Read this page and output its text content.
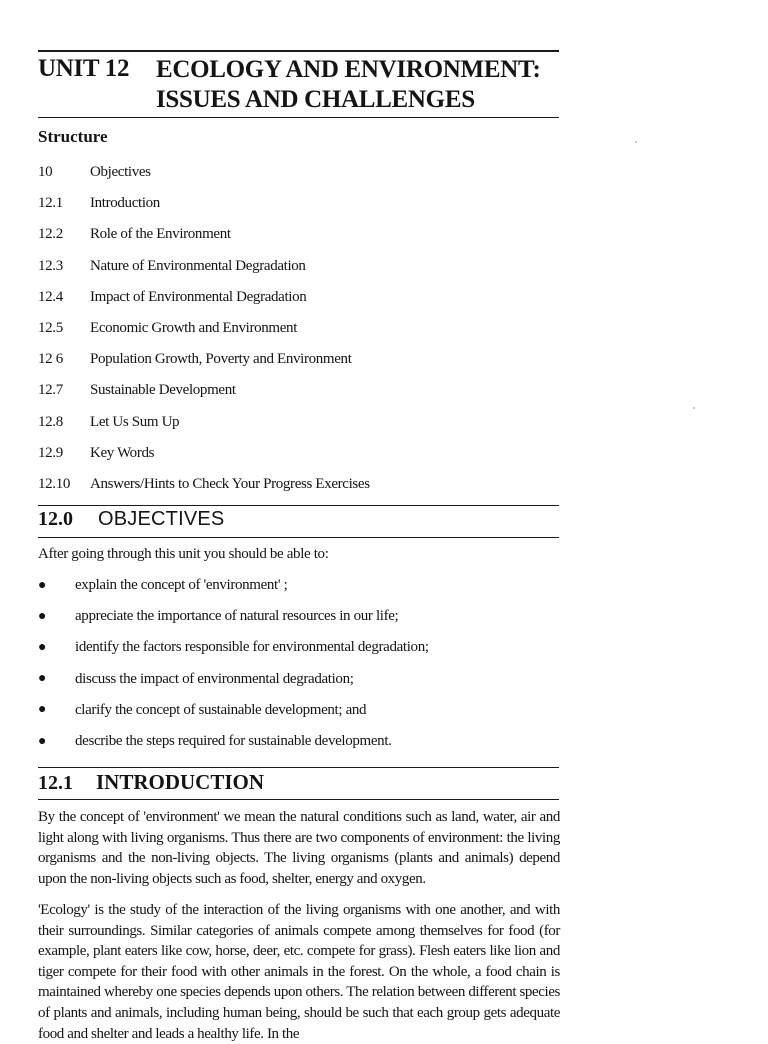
UNIT 12 ECOLOGY AND ENVIRONMENT:
ISSUES AND CHALLENGES
Structure
10	Objectives
12.1	Introduction
12.2	Role of the Environment
12.3	Nature of Environmental Degradation
12.4	Impact of Environmental Degradation
12.5	Economic Growth and Environment
12 6	Population Growth, Poverty and Environment
12.7	Sustainable Development
12.8	Let Us Sum Up
12.9	Key Words
12.10	Answers/Hints to Check Your Progress Exercises
12.0	OBJECTIVES
After going through this unit you should be able to:
●	explain the concept of 'environment' ;
●	appreciate the importance of natural resources in our life;
●	identify the factors responsible for environmental degradation;
●	discuss the impact of environmental degradation;
●	clarify the concept of sustainable development; and
●	describe the steps required for sustainable development.
12.1	INTRODUCTION

By the concept of 'environment' we mean the natural conditions such as land, water, air and light along with living organisms. Thus there are two components of environment: the living organisms and the non-living objects. The living organisms (plants and animals) depend upon the non-living objects such as food, shelter, energy and oxygen.

'Ecology' is the study of the interaction of the living organisms with one another, and with their surroundings. Similar categories of animals compete among themselves for food (for example, plant eaters like cow, horse, deer, etc. compete for grass). Flesh eaters like lion and tiger compete for their food with other animals in the forest. On the whole, a food chain is maintained whereby one species depends upon others. The relation between different species of plants and animals, including human being, should be such that each group gets adequate food and shelter and leads a healthy life. In the
